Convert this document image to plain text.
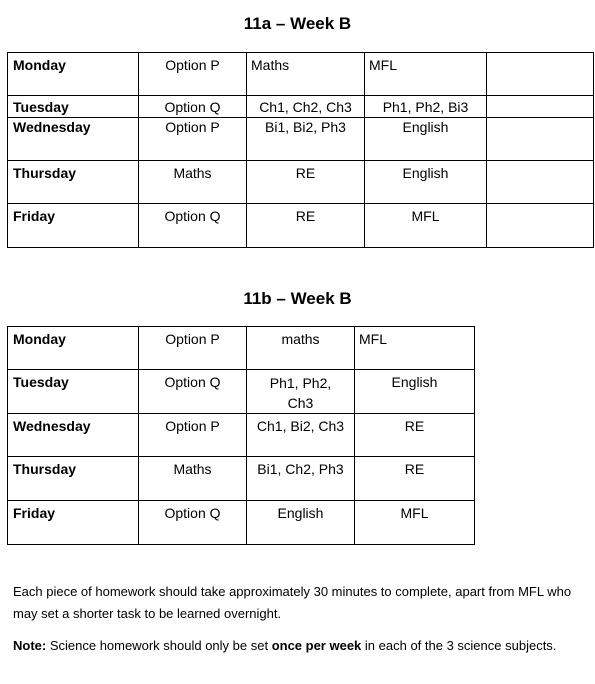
11a – Week B
Monday	Option P	Maths	MFL	
Tuesday	Option Q	Ch1, Ch2, Ch3	Ph1, Ph2, Bi3	
Wednesday	Option P	Bi1, Bi2, Ph3	English	
Thursday	Maths	RE	English	
Friday	Option Q	RE	MFL	
11b – Week B
Monday	Option P	maths	MFL
Tuesday	Option Q	Ph1, Ph2, Ch3	English
Wednesday	Option P	Ch1, Bi2, Ch3	RE
Thursday	Maths	Bi1, Ch2, Ph3	RE
Friday	Option Q	English	MFL
Each piece of homework should take approximately 30 minutes to complete, apart from MFL who may set a shorter task to be learned overnight.
Note: Science homework should only be set once per week in each of the 3 science subjects.
